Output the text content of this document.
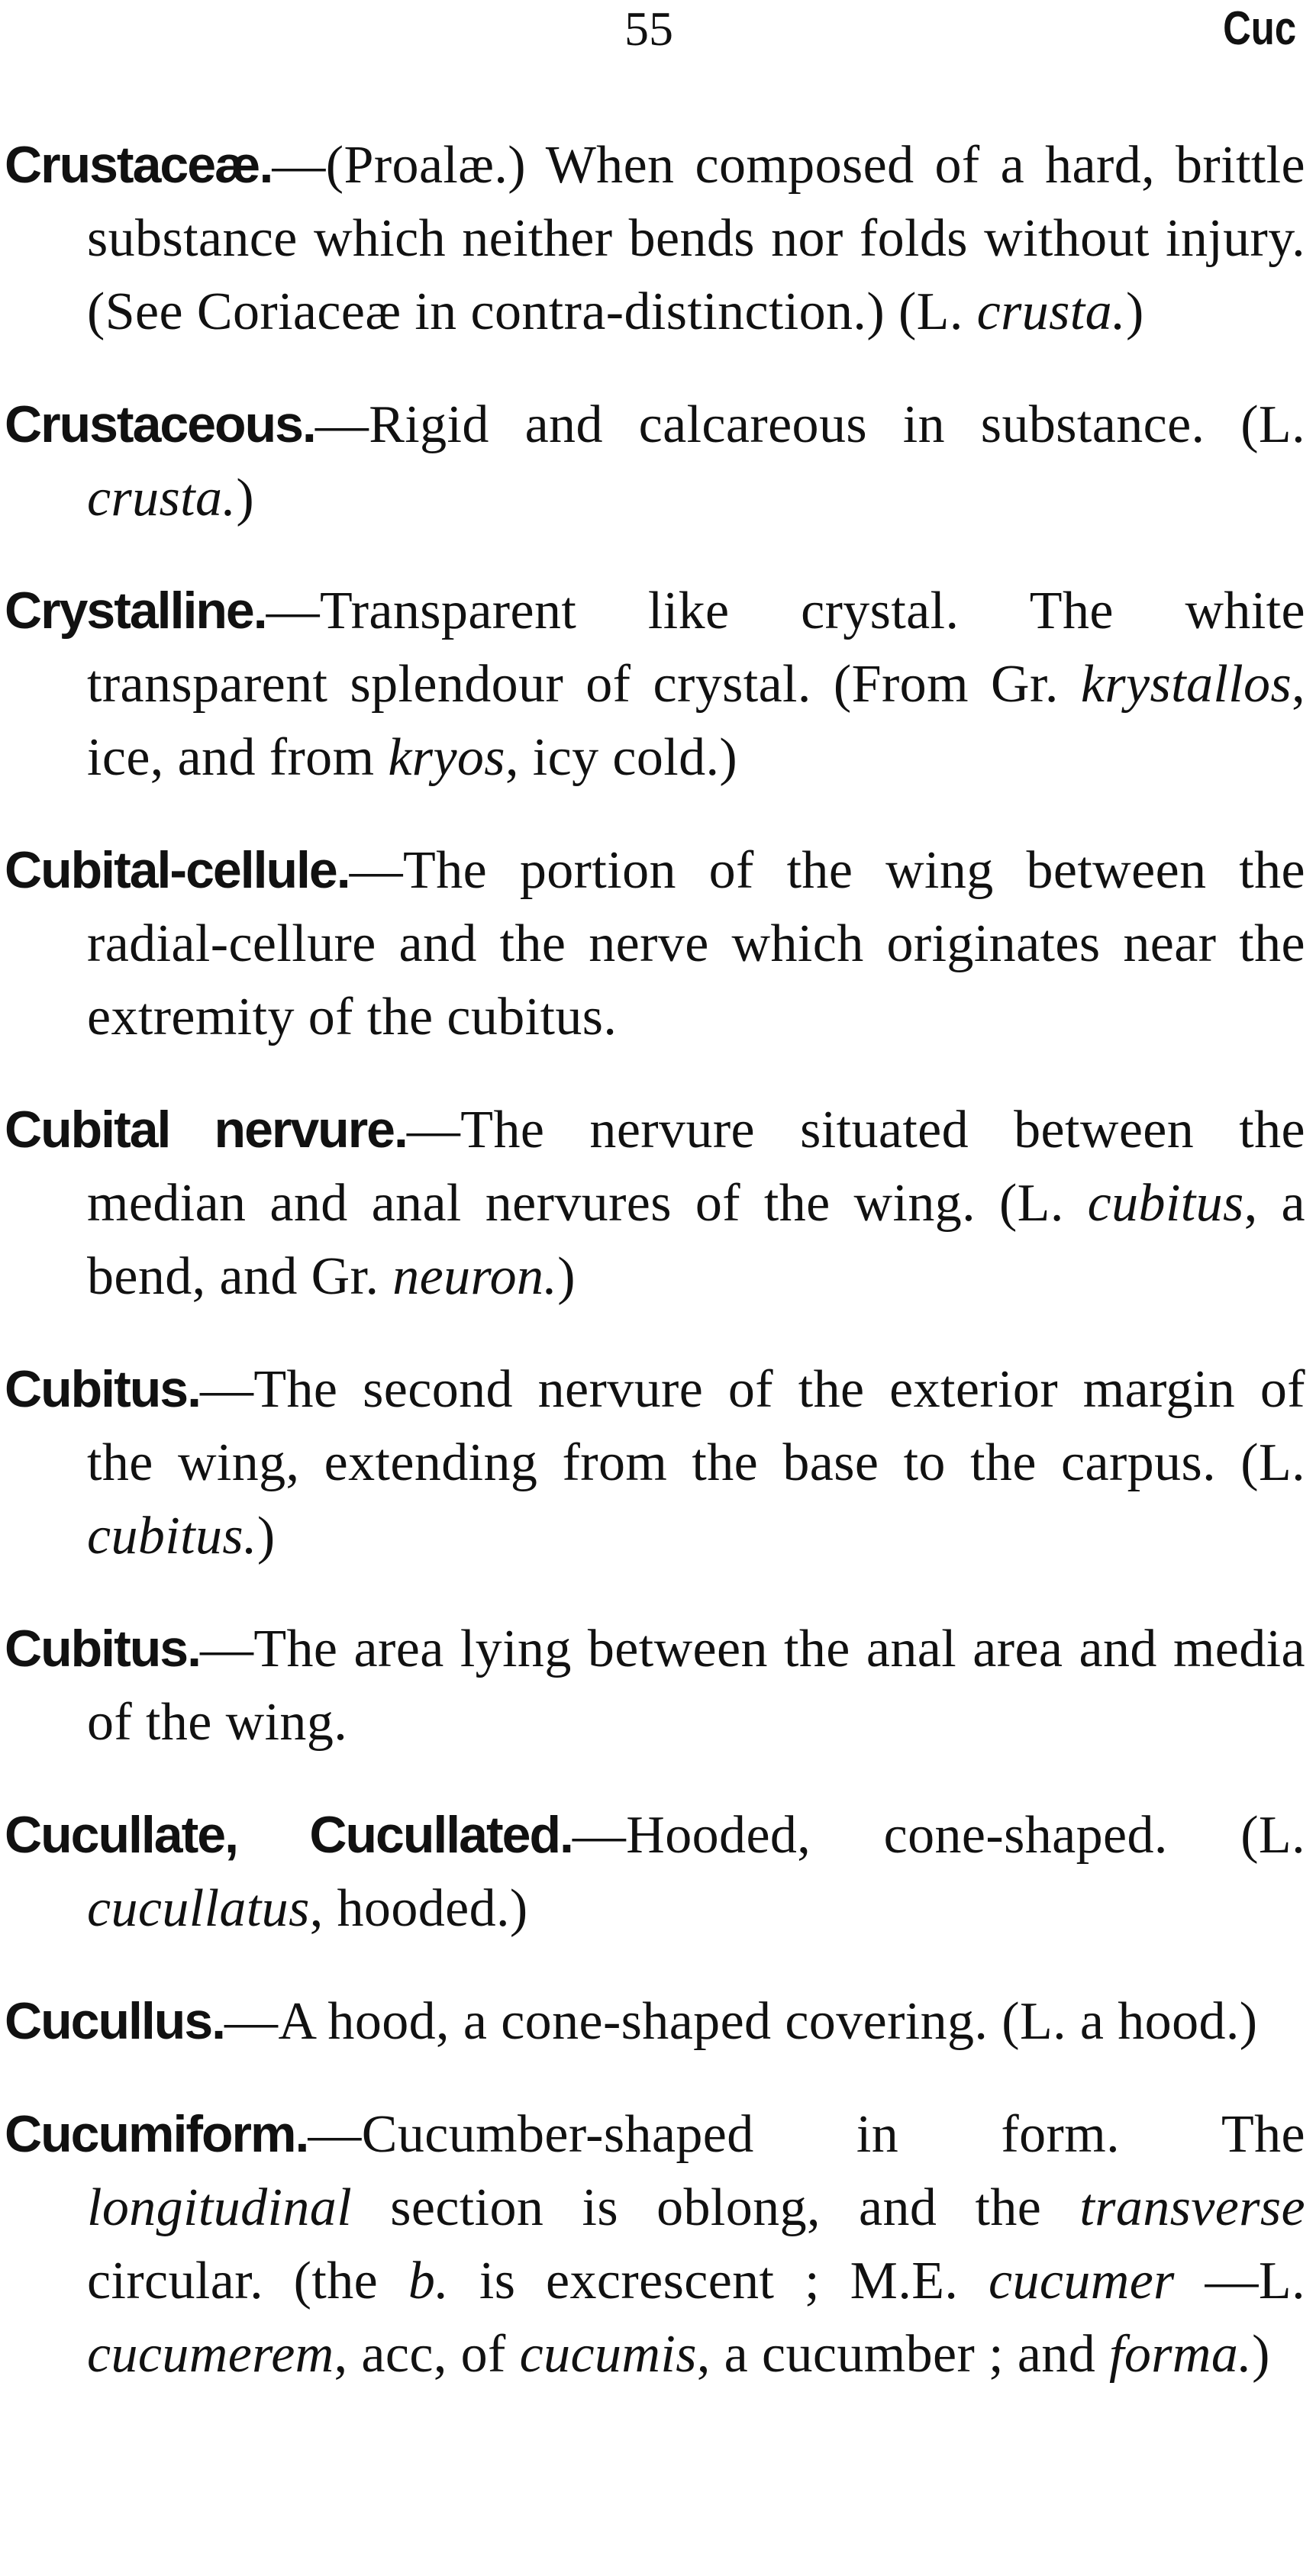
55	Cuc

Crustaceæ.—(Proalæ.) When composed of a hard, brittle substance which neither bends nor folds without injury. (See Coriaceæ in contra-distinction.) (L. crusta.)

Crustaceous.—Rigid and calcareous in substance. (L. crusta.)

Crystalline.—Transparent like crystal. The white transparent splendour of crystal. (From Gr. krystallos, ice, and from kryos, icy cold.)

Cubital-cellule.—The portion of the wing between the radial-cellure and the nerve which originates near the extremity of the cubitus.

Cubital nervure.—The nervure situated between the median and anal nervures of the wing. (L. cubitus, a bend, and Gr. neuron.)

Cubitus.—The second nervure of the exterior margin of the wing, extending from the base to the carpus. (L. cubitus.)

Cubitus.—The area lying between the anal area and media of the wing.

Cucullate, Cucullated.—Hooded, cone-shaped. (L. cucullatus, hooded.)

Cucullus.—A hood, a cone-shaped covering. (L. a hood.)

Cucumiform.—Cucumber-shaped in form. The longitudinal section is oblong, and the transverse circular. (the b. is excrescent ; M.E. cucumer —L. cucumerem, acc, of cucumis, a cucumber ; and forma.)
